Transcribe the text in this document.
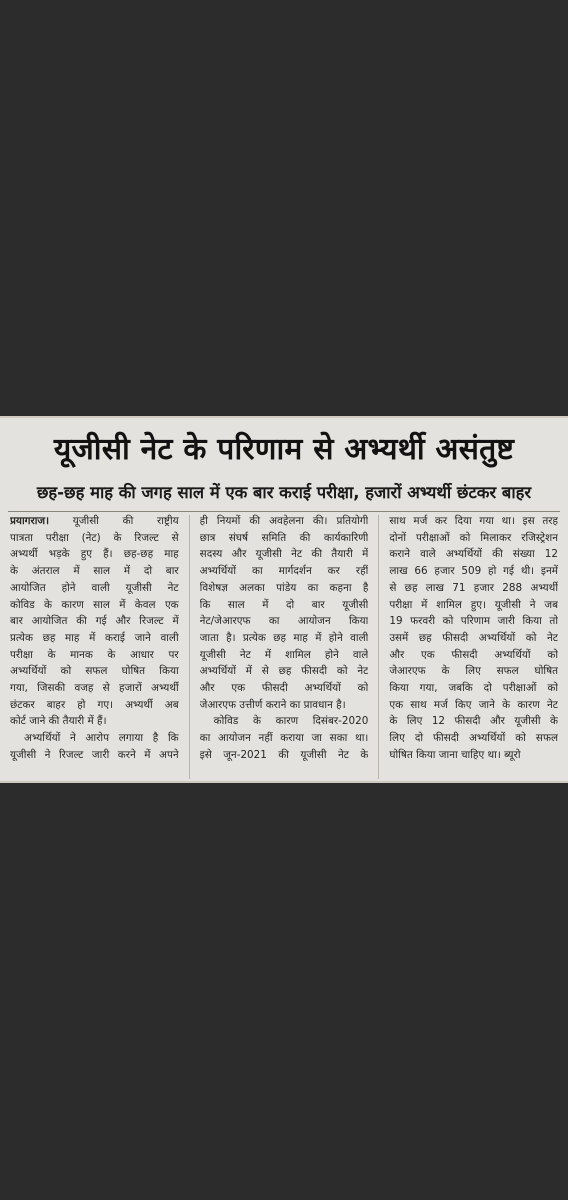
यूजीसी नेट के परिणाम से अभ्यर्थी असंतुष्ट
छह-छह माह की जगह साल में एक बार कराई परीक्षा, हजारों अभ्यर्थी छंटकर बाहर
प्रयागराज। यूजीसी की राष्ट्रीय
पात्रता परीक्षा (नेट) के रिजल्ट से
अभ्यर्थी भड़के हुए हैं। छह-छह माह
के अंतराल में साल में दो बार
आयोजित होने वाली यूजीसी नेट
कोविड के कारण साल में केवल एक
बार आयोजित की गई और रिजल्ट में
प्रत्येक छह माह में कराई जाने वाली
परीक्षा के मानक के आधार पर
अभ्यर्थियों को सफल घोषित किया
गया, जिसकी वजह से हजारों अभ्यर्थी
छंटकर बाहर हो गए। अभ्यर्थी अब
कोर्ट जाने की तैयारी में हैं।
अभ्यर्थियों ने आरोप लगाया है कि
यूजीसी ने रिजल्ट जारी करने में अपने
ही नियमों की अवहेलना की। प्रतियोगी
छात्र संघर्ष समिति की कार्यकारिणी
सदस्य और यूजीसी नेट की तैयारी में
अभ्यर्थियों का मार्गदर्शन कर रहीं
विशेषज्ञ अलका पांडेय का कहना है
कि साल में दो बार यूजीसी
नेट/जेआरएफ का आयोजन किया
जाता है। प्रत्येक छह माह में होने वाली
यूजीसी नेट में शामिल होने वाले
अभ्यर्थियों में से छह फीसदी को नेट
और एक फीसदी अभ्यर्थियों को
जेआरएफ उत्तीर्ण कराने का प्रावधान है।
कोविड के कारण दिसंबर-2020
का आयोजन नहीं कराया जा सका था।
इसे जून-2021 की यूजीसी नेट के
साथ मर्ज कर दिया गया था। इस तरह
दोनों परीक्षाओं को मिलाकर रजिस्ट्रेशन
कराने वाले अभ्यर्थियों की संख्या 12
लाख 66 हजार 509 हो गई थी। इनमें
से छह लाख 71 हजार 288 अभ्यर्थी
परीक्षा में शामिल हुए। यूजीसी ने जब
19 फरवरी को परिणाम जारी किया तो
उसमें छह फीसदी अभ्यर्थियों को नेट
और एक फीसदी अभ्यर्थियों को
जेआरएफ के लिए सफल घोषित
किया गया, जबकि दो परीक्षाओं को
एक साथ मर्ज किए जाने के कारण नेट
के लिए 12 फीसदी और यूजीसी के
लिए दो फीसदी अभ्यर्थियों को सफल
घोषित किया जाना चाहिए था। ब्यूरो
